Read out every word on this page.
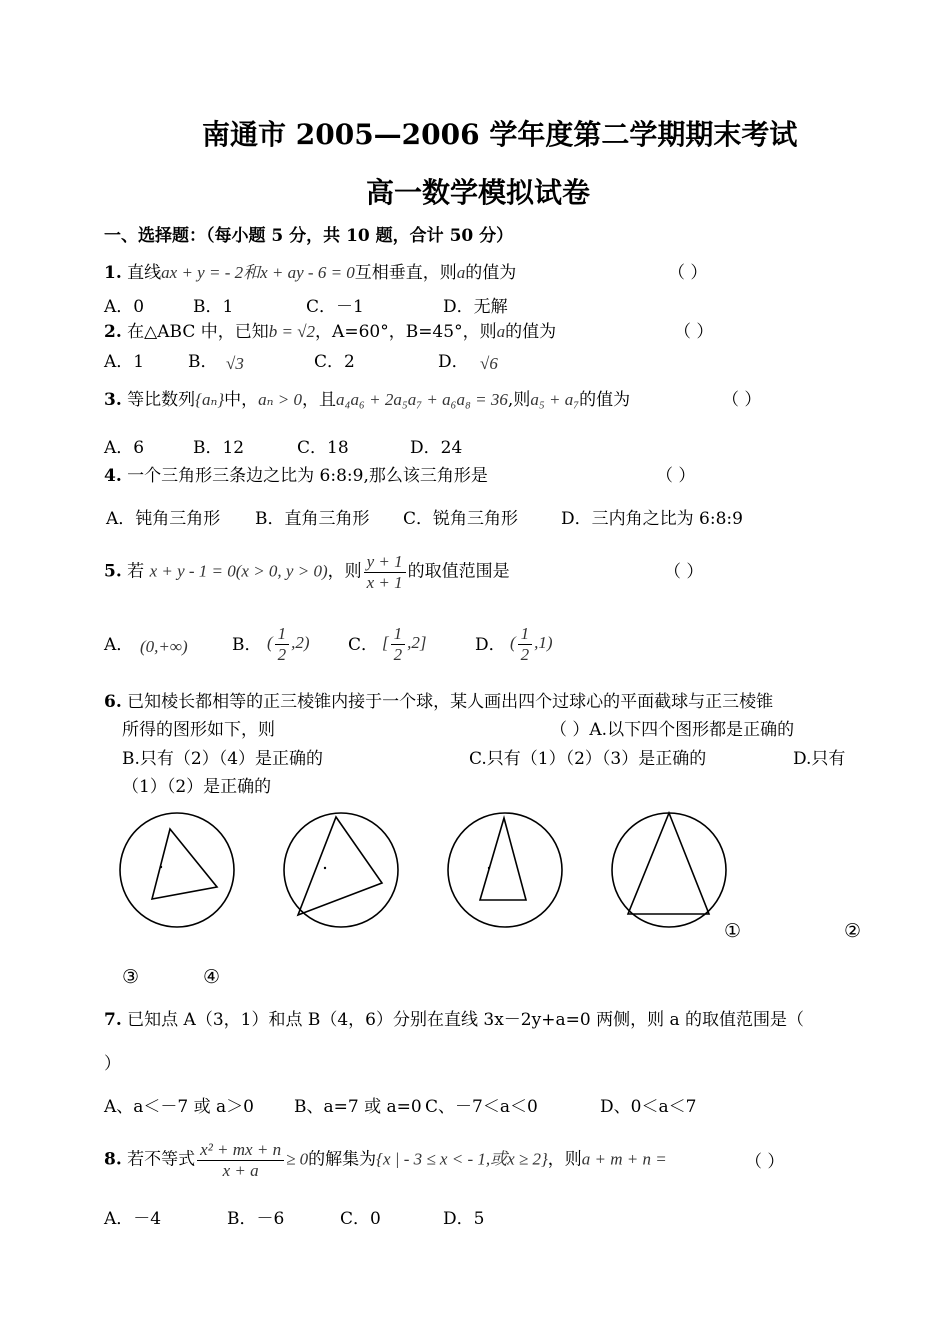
南通市 2005—2006 学年度第二学期期末考试
高一数学模拟试卷
一、选择题：（每小题 5 分，共 10 题，合计 50 分）
1. 直线ax + y = - 2和x + ay - 6 = 0互相垂直，则a的值为	（ ）
A．0	B．1	C．－1	D．无解
2. 在△ABC 中，已知b = √2，A=60°，B=45°，则a的值为	（ ）
A．1	B． √3	C．2	D． √6
3. 等比数列{aₙ}中，aₙ > 0，且a₄a₆ + 2a₅a₇ + a₆a₈ = 36,则a₅ + a₇的值为	（ ）
A．6	B．12	C．18	D．24
4. 一个三角形三条边之比为 6:8:9,那么该三角形是	（ ）
A．钝角三角形 B．直角三角形 C．锐角三角形	D．三内角之比为 6:8:9
5. 若 x + y - 1 = 0(x > 0, y > 0)，则 $\frac{y + 1}{x + 1}$ 的取值范围是	（ ）
A． (0,+∞)	B． ( $\frac{1}{2} ,2$) C． [ $\frac{1}{2} ,2$]	D． ( $\frac{1}{2} ,1$)
6. 已知棱长都相等的正三棱锥内接于一个球，某人画出四个过球心的平面截球与正三棱锥
所得的图形如下，则	（ ）A.以下四个图形都是正确的
B.只有（2）（4）是正确的	C.只有（1）（2）（3）是正确的	D.只有
（1）（2）是正确的
①	②
③	④
7. 已知点 A（3，1）和点 B（4，6）分别在直线 3x－2y+a=0 两侧，则 a 的取值范围是（
）
A、a＜－7 或 a＞0 B、a=7 或 a=0 C、－7＜a＜0	D、0＜a＜7
8. 若不等式 $\frac{\text{x² + mx + n}}{x + a} \ge 0$的解集为{x | - 3 ≤ x < - 1,或x ≥ 2}，则a + m + n =	（ ）
A．－4	B．－6	C．0	D．5
